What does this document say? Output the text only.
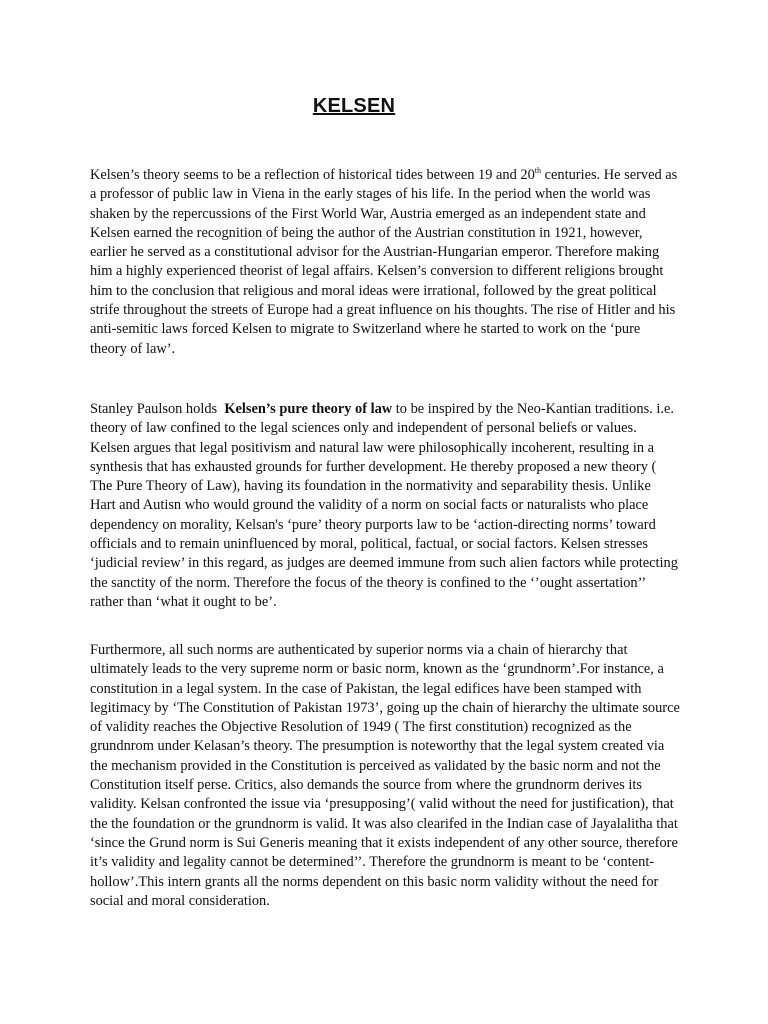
KELSEN

Kelsen’s theory seems to be a reflection of historical tides between 19 and 20th centuries. He served as a professor of public law in Viena in the early stages of his life. In the period when the world was shaken by the repercussions of the First World War, Austria emerged as an independent state and Kelsen earned the recognition of being the author of the Austrian constitution in 1921, however, earlier he served as a constitutional advisor for the Austrian-Hungarian emperor. Therefore making him a highly experienced theorist of legal affairs. Kelsen’s conversion to different religions brought him to the conclusion that religious and moral ideas were irrational, followed by the great political strife throughout the streets of Europe had a great influence on his thoughts. The rise of Hitler and his anti-semitic laws forced Kelsen to migrate to Switzerland where he started to work on the ‘pure theory of law’.

Stanley Paulson holds  Kelsen’s pure theory of law to be inspired by the Neo-Kantian traditions. i.e. theory of law confined to the legal sciences only and independent of personal beliefs or values. Kelsen argues that legal positivism and natural law were philosophically incoherent, resulting in a synthesis that has exhausted grounds for further development. He thereby proposed a new theory ( The Pure Theory of Law), having its foundation in the normativity and separability thesis. Unlike Hart and Autisn who would ground the validity of a norm on social facts or naturalists who place dependency on morality, Kelsan's ‘pure’ theory purports law to be ‘action-directing norms’ toward officials and to remain uninfluenced by moral, political, factual, or social factors. Kelsen stresses ‘judicial review’ in this regard, as judges are deemed immune from such alien factors while protecting the sanctity of the norm. Therefore the focus of the theory is confined to the ‘’ought assertation’’ rather than ‘what it ought to be’.

Furthermore, all such norms are authenticated by superior norms via a chain of hierarchy that ultimately leads to the very supreme norm or basic norm, known as the ‘grundnorm’.For instance, a constitution in a legal system. In the case of Pakistan, the legal edifices have been stamped with legitimacy by ‘The Constitution of Pakistan 1973’, going up the chain of hierarchy the ultimate source of validity reaches the Objective Resolution of 1949 ( The first constitution) recognized as the grundnrom under Kelasan’s theory. The presumption is noteworthy that the legal system created via the mechanism provided in the Constitution is perceived as validated by the basic norm and not the Constitution itself perse. Critics, also demands the source from where the grundnorm derives its validity. Kelsan confronted the issue via ‘presupposing’( valid without the need for justification), that the the foundation or the grundnorm is valid. It was also clearifed in the Indian case of Jayalalitha that ‘since the Grund norm is Sui Generis meaning that it exists independent of any other source, therefore it’s validity and legality cannot be determined’’. Therefore the grundnorm is meant to be ‘content-hollow’.This intern grants all the norms dependent on this basic norm validity without the need for social and moral consideration.
